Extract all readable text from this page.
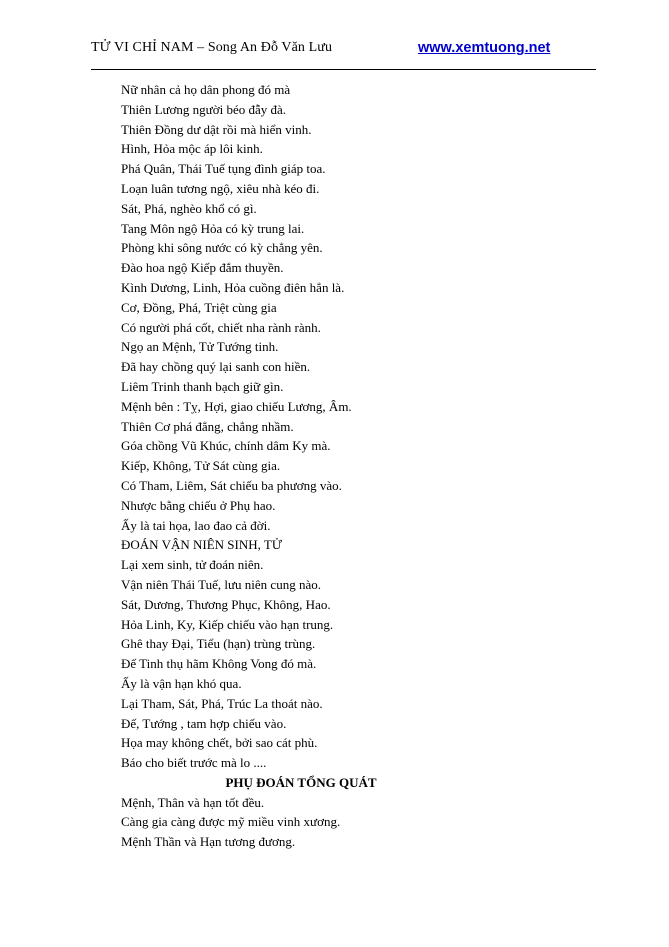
TỬ VI CHỈ NAM – Song An Đỗ Văn Lưu	www.xemtuong.net
Nữ nhân cả họ dân phong đó mà
Thiên Lương người béo đẫy đà.
Thiên Đồng dư dật rồi mà hiển vinh.
Hình, Hỏa mộc áp lôi kinh.
Phá Quân, Thái Tuế tụng đình giáp toa.
Loạn luân tương ngộ, xiêu nhà kéo đi.
Sát, Phá, nghèo khổ có gì.
Tang Môn ngộ Hỏa có kỳ trung lai.
Phòng khi sông nước có kỳ chẳng yên.
Đào hoa ngộ Kiếp đắm thuyền.
Kình Dương, Linh, Hỏa cuồng điên hẳn là.
Cơ, Đồng, Phá, Triệt cùng gia
Có người phá cốt, chiết nha rành rành.
Ngọ an Mệnh, Tử Tướng tinh.
Đã hay chồng quý lại sanh con hiền.
Liêm Trinh thanh bạch giữ gìn.
Mệnh bên : Tỵ, Hợi, giao chiếu Lương, Âm.
Thiên Cơ phá đẳng, chẳng nhầm.
Góa chồng Vũ Khúc, chính dâm Ky mà.
Kiếp, Không, Tử Sát cùng gia.
Có Tham, Liêm, Sát chiếu ba phương vào.
Nhược bằng chiếu ở Phụ hao.
Ấy là tai họa, lao đao cả đời.
ĐOÁN VẬN NIÊN SINH, TỬ
Lại xem sinh, tử đoán niên.
Vận niên Thái Tuế, lưu niên cung nào.
Sát, Dương, Thương Phục, Không, Hao.
Hỏa Linh, Ky, Kiếp chiếu vào hạn trung.
Ghê thay Đại, Tiểu (hạn) trùng trùng.
Đế Tinh thụ hãm Không Vong đó mà.
Ấy là vận hạn khó qua.
Lại Tham, Sát, Phá, Trúc La thoát nào.
Đế, Tướng , tam hợp chiếu vào.
Họa may không chết, bởi sao cát phù.
Báo cho biết trước mà lo ....
PHỤ ĐOÁN TỔNG QUÁT
Mệnh, Thân và hạn tốt đều.
Càng gia càng được mỹ miều vinh xương.
Mệnh Thần và Hạn tương đương.
